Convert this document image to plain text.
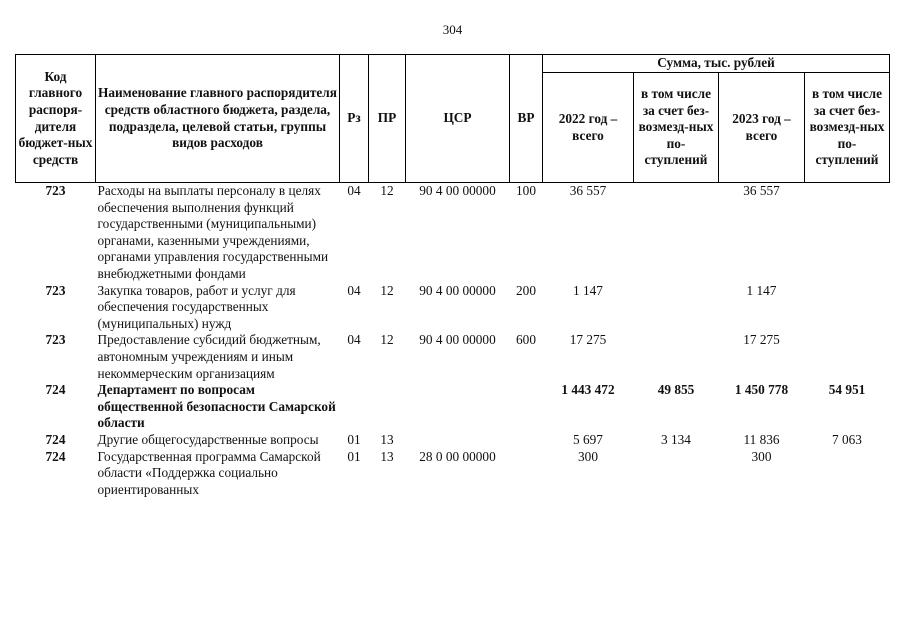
304
Код главного распоря-дителя бюджет-ных средств	Наименование главного распорядителя средств областного бюджета, раздела, подраздела, целевой статьи, группы видов расходов	Рз	ПР	ЦСР	ВР	Сумма, тыс. рублей			
						2022 год – всего	в том числе за счет без-возмезд-ных по-ступлений	2023 год – всего	в том числе за счет без-возмезд-ных по-ступлений
723	Расходы на выплаты персоналу в целях обеспечения выполнения функций государственными (муниципальными) органами, казенными учреждениями, органами управления государственными внебюджетными фондами	04	12	90 4 00 00000	100	36 557		36 557	
723	Закупка товаров, работ и услуг для обеспечения государственных (муниципальных) нужд	04	12	90 4 00 00000	200	1 147		1 147	
723	Предоставление субсидий бюджетным, автономным учреждениям и иным некоммерческим организациям	04	12	90 4 00 00000	600	17 275		17 275	
724	Департамент по вопросам общественной безопасности Самарской области					1 443 472	49 855	1 450 778	54 951
724	Другие общегосударственные вопросы	01	13			5 697	3 134	11 836	7 063
724	Государственная программа Самарской области «Поддержка социально ориентированных	01	13	28 0 00 00000		300		300	
